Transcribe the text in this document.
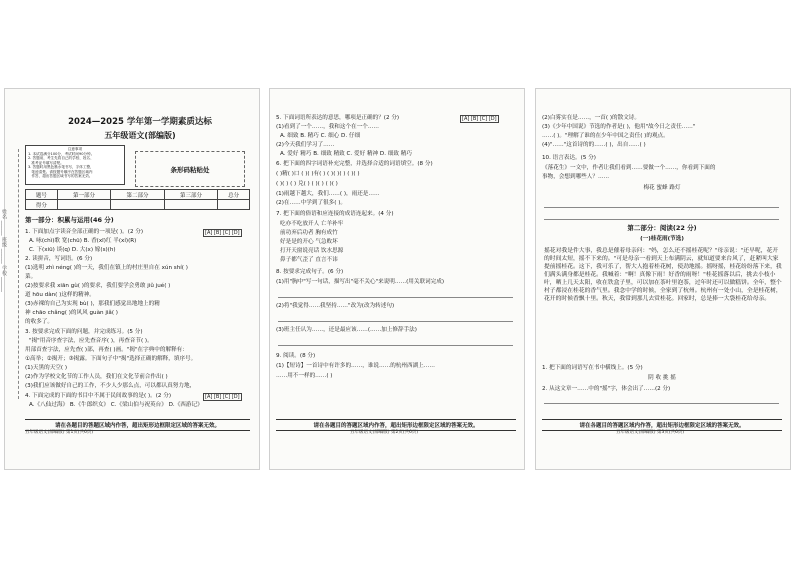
姓名 ______ 班级 ______ 学校 ______
2024—2025 学年第一学期素质达标
五年级语文(部编版)
注意事项
1. 本试卷满分100分，考试时间90分钟。
2. 答题前，考生先将自己的学校、姓名、
准考证号填写清楚。
3. 答题时用黑色墨水笔书写，字体工整，
笔迹清楚。请按题号顺序在答题区域内
作答，超出答题区域书写的答案无效。
条形码粘贴处
题号	第一部分	第二部分	第三部分	总分
得分				
第一部分：积累与运用(46 分)
1. 下面加点字读音全部正确的一项是( )。(2 分)	[A] [B] [C] [D]
A. 咏(chì)歌 宽(chū) B. 香(xī)红 半(xí)(R)
C. 下(xiū) 谈(q) D. 大(x) 嫁(s)(h)
2. 读拼音，写词语。(6 分)
(1)选明 zhì nénɡ( )的一天，我们在镇上的村庄里自在 xún shí( )
菜。
(2)按要求我 xiān ɡù( )的要求，我们要学会勇敢 jiǔ jué( )
道 hōu dàn( )这样的精神。
(3)赤裸的自己为实现 bù( )，那我们感觉出地地上的精
神 chāo chǎnɡ( )的风风 ɡuàn jiǎ( )
的收多了。
3. 按要求完成下面的问题，并完成练习。(5 分)
"揭"用音序查字法，应先查音序( )，再查音节( )。
用部首查字法，应先查( )部，再查( )画。"揭"在字典中的解释有：
①高举；②揭开；③揭露。下面句子中"揭"选择正确的解释，填序号。
(1)天黑的天空( )
(2)作为学校文化节的工作人员，我们在文化节前合作出( )
(3)我们应该做好自己的工作，不少人少那么点，可以都认真努力地，
4. 下面完成的下面的书目中不属于民间故事的是( )。(2 分)	[A] [B] [C] [D]
A.《八仙过海》 B.《牛郎织女》 C.《梁山伯与祝英台》 D.《西游记》
请在各题目的答题区域内作答，超出矩形边框限定区域的答案无效。
五年级语文(部编版) 第1页(共6页)
5. 下面词语所表达的意思，哪项是正确的？(2 分)	[A] [B] [C] [D]
(1)看到了一个……，我和这个在一个……
A. 细致 B. 精巧 C. 细心 D. 仔细
(2)今天我们学习了……
A. 爱好 精巧 B. 细致 精致 C. 爱好 精神 D. 细致 精巧
6. 把下面的四字词语补充完整，并选择合适的词语填空。(8 分)
( )精( )口 ( )( )有( ) ( )( )( ) ( )( )
( )( ) ( ) 兑( ) ( )( ) ( )( )
(1)雨越下越大，我们……( )，雨还是……
(2)在……中学到了很多( )。
7. 把下面的俗语和应连接的成语连起来。(4 分)
吃亦不吃放开人 亡羊补牢
前功弃后功者 胸有成竹
好是是的开心 气急败坏
打开天窗说亮话 饮水思源
鼻子都气歪了 直言不讳
8. 按要求完成句子。(6 分)
(1)用"胸中"写一句话，描写出"毫不关心"来说明……(用关联词完成)
(2)将"我觉得……我坚持……"改为(改为转述句)
(3)班主任认为……，还是最应该……(……加上修辞手法)
9. 阅读。(8 分)
(1)【短诗】一首诗中有许多的……，谁说……的杭州西湖上……
……用不一样的……( )
请在各题目的答题区域内作答，超出矩形边框限定区域的答案无效。
五年级语文(部编版) 第2页(共6页)
(2)白雾实在是……，一首( )的散文诗。
(3)《少年中国说》节选的作者是( )，他用"故今日之责任……"
……( )。"理解了谁的在少年中国之责任( )的观点。
(4)"……"这首诗的的……( )，出自……( )
10. 语言表达。(5 分)
《落花生》一文中，作者让我们看到……要做一个……，你看到下面的
事物，会想到哪些人？……
梅花 蜜蜂 路灯
第二部分：阅读(22 分)
(一)桂花雨(节选)
摇花对我是件大事，我总是催着母亲问："妈，怎么还不摇桂花呢？"母亲说："还早呢，花开的时间太短，摇不下来的。"可是母亲一看到天上布满阴云，就知道要来台风了，赶紧叫大家提前摇桂花。这下，我可乐了，帮大人抱着桂花树，使劲地摇。摇呀摇，桂花纷纷落下来，我们满头满身都是桂花。我喊着："啊！真像下雨！好香的雨呀！"桂花摇落以后，挑去小枝小叶，晒上几天太阳，收在铁盒子里，可以加在茶叶里泡茶，过年时还可以做糕饼。全年，整个村子都浸在桂花的香气里。我念中学的时候，全家到了杭州。杭州有一处小山，全是桂花树，花开的时候香飘十里。秋天，我常到那儿去赏桂花。回家时，总是捧一大袋桂花给母亲。
1. 把下面的词语写在书中横线上。(5 分)
阴 收 挑 摇
2. 从这文章一……中的"摇"字，体会出了……(2 分)
请在各题目的答题区域内作答，超出矩形边框限定区域的答案无效。
五年级语文(部编版) 第3页(共6页)
